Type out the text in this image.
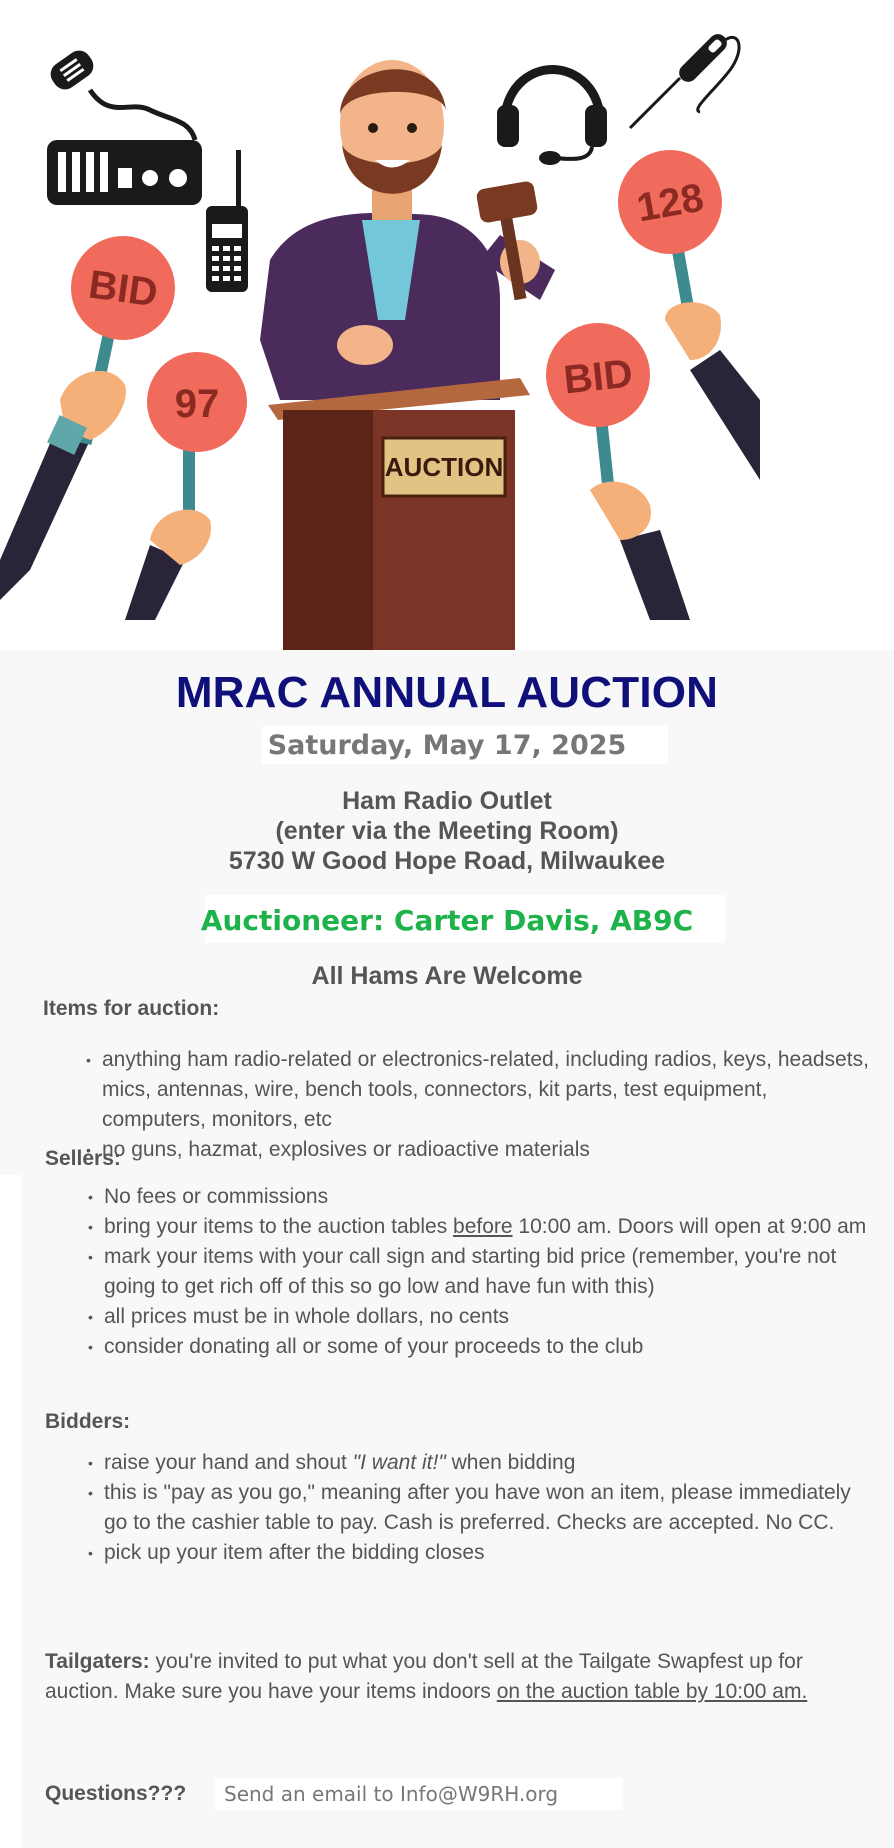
BID
97
BID
128
AUCTION
MRAC ANNUAL AUCTION
Saturday, May 17, 2025
Ham Radio Outlet
(enter via the Meeting Room)
5730 W Good Hope Road, Milwaukee
Auctioneer: Carter Davis, AB9C
All Hams Are Welcome
Items for auction:
• anything ham radio-related or electronics-related, including radios, keys, headsets, mics, antennas, wire, bench tools, connectors, kit parts, test equipment, computers, monitors, etc
• no guns, hazmat, explosives or radioactive materials
Sellers:
• No fees or commissions
• bring your items to the auction tables before 10:00 am. Doors will open at 9:00 am
• mark your items with your call sign and starting bid price (remember, you're not going to get rich off of this so go low and have fun with this)
• all prices must be in whole dollars, no cents
• consider donating all or some of your proceeds to the club
Bidders:
• raise your hand and shout "I want it!" when bidding
• this is "pay as you go," meaning after you have won an item, please immediately go to the cashier table to pay. Cash is preferred. Checks are accepted. No CC.
• pick up your item after the bidding closes
Tailgaters: you're invited to put what you don't sell at the Tailgate Swapfest up for auction. Make sure you have your items indoors on the auction table by 10:00 am.
Questions??? Send an email to Info@W9RH.org
